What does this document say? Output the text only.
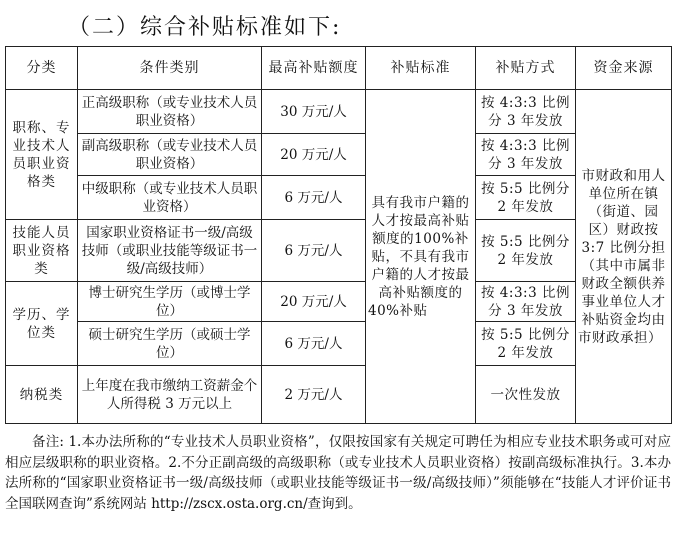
（二）综合补贴标准如下:
分类	条件类别	最高补贴额度	补贴标准	补贴方式	资金来源
职称、专业技术人员职业资格类	正高级职称（或专业技术人员职业资格）	30 万元/人	具有我市户籍的人才按最高补贴额度的100%补贴，不具有我市户籍的人才按最高补贴额度的40%补贴	按 4:3:3 比例分 3 年发放	市财政和用人单位所在镇（街道、园区）财政按3:7 比例分担（其中市属非财政全额供养事业单位人才补贴资金均由市财政承担）
	副高级职称（或专业技术人员职业资格）	20 万元/人		按 4:3:3 比例分 3 年发放	
	中级职称（或专业技术人员职业资格）	6 万元/人		按 5:5 比例分 2 年发放	
技能人员职业资格类	国家职业资格证书一级/高级技师（或职业技能等级证书一级/高级技师）	6 万元/人		按 5:5 比例分 2 年发放	
学历、学位类	博士研究生学历（或博士学位）	20 万元/人		按 4:3:3 比例分 3 年发放	
	硕士研究生学历（或硕士学位）	6 万元/人		按 5:5 比例分 2 年发放	
纳税类	上年度在我市缴纳工资薪金个人所得税 3 万元以上	2 万元/人		一次性发放	

备注: 1.本办法所称的“专业技术人员职业资格”，仅限按国家有关规定可聘任为相应专业技术职务或可对应相应层级职称的职业资格。2.不分正副高级的高级职称（或专业技术人员职业资格）按副高级标准执行。3.本办法所称的“国家职业资格证书一级/高级技师（或职业技能等级证书一级/高级技师）”须能够在“技能人才评价证书全国联网查询”系统网站 http://zscx.osta.org.cn/查询到。
